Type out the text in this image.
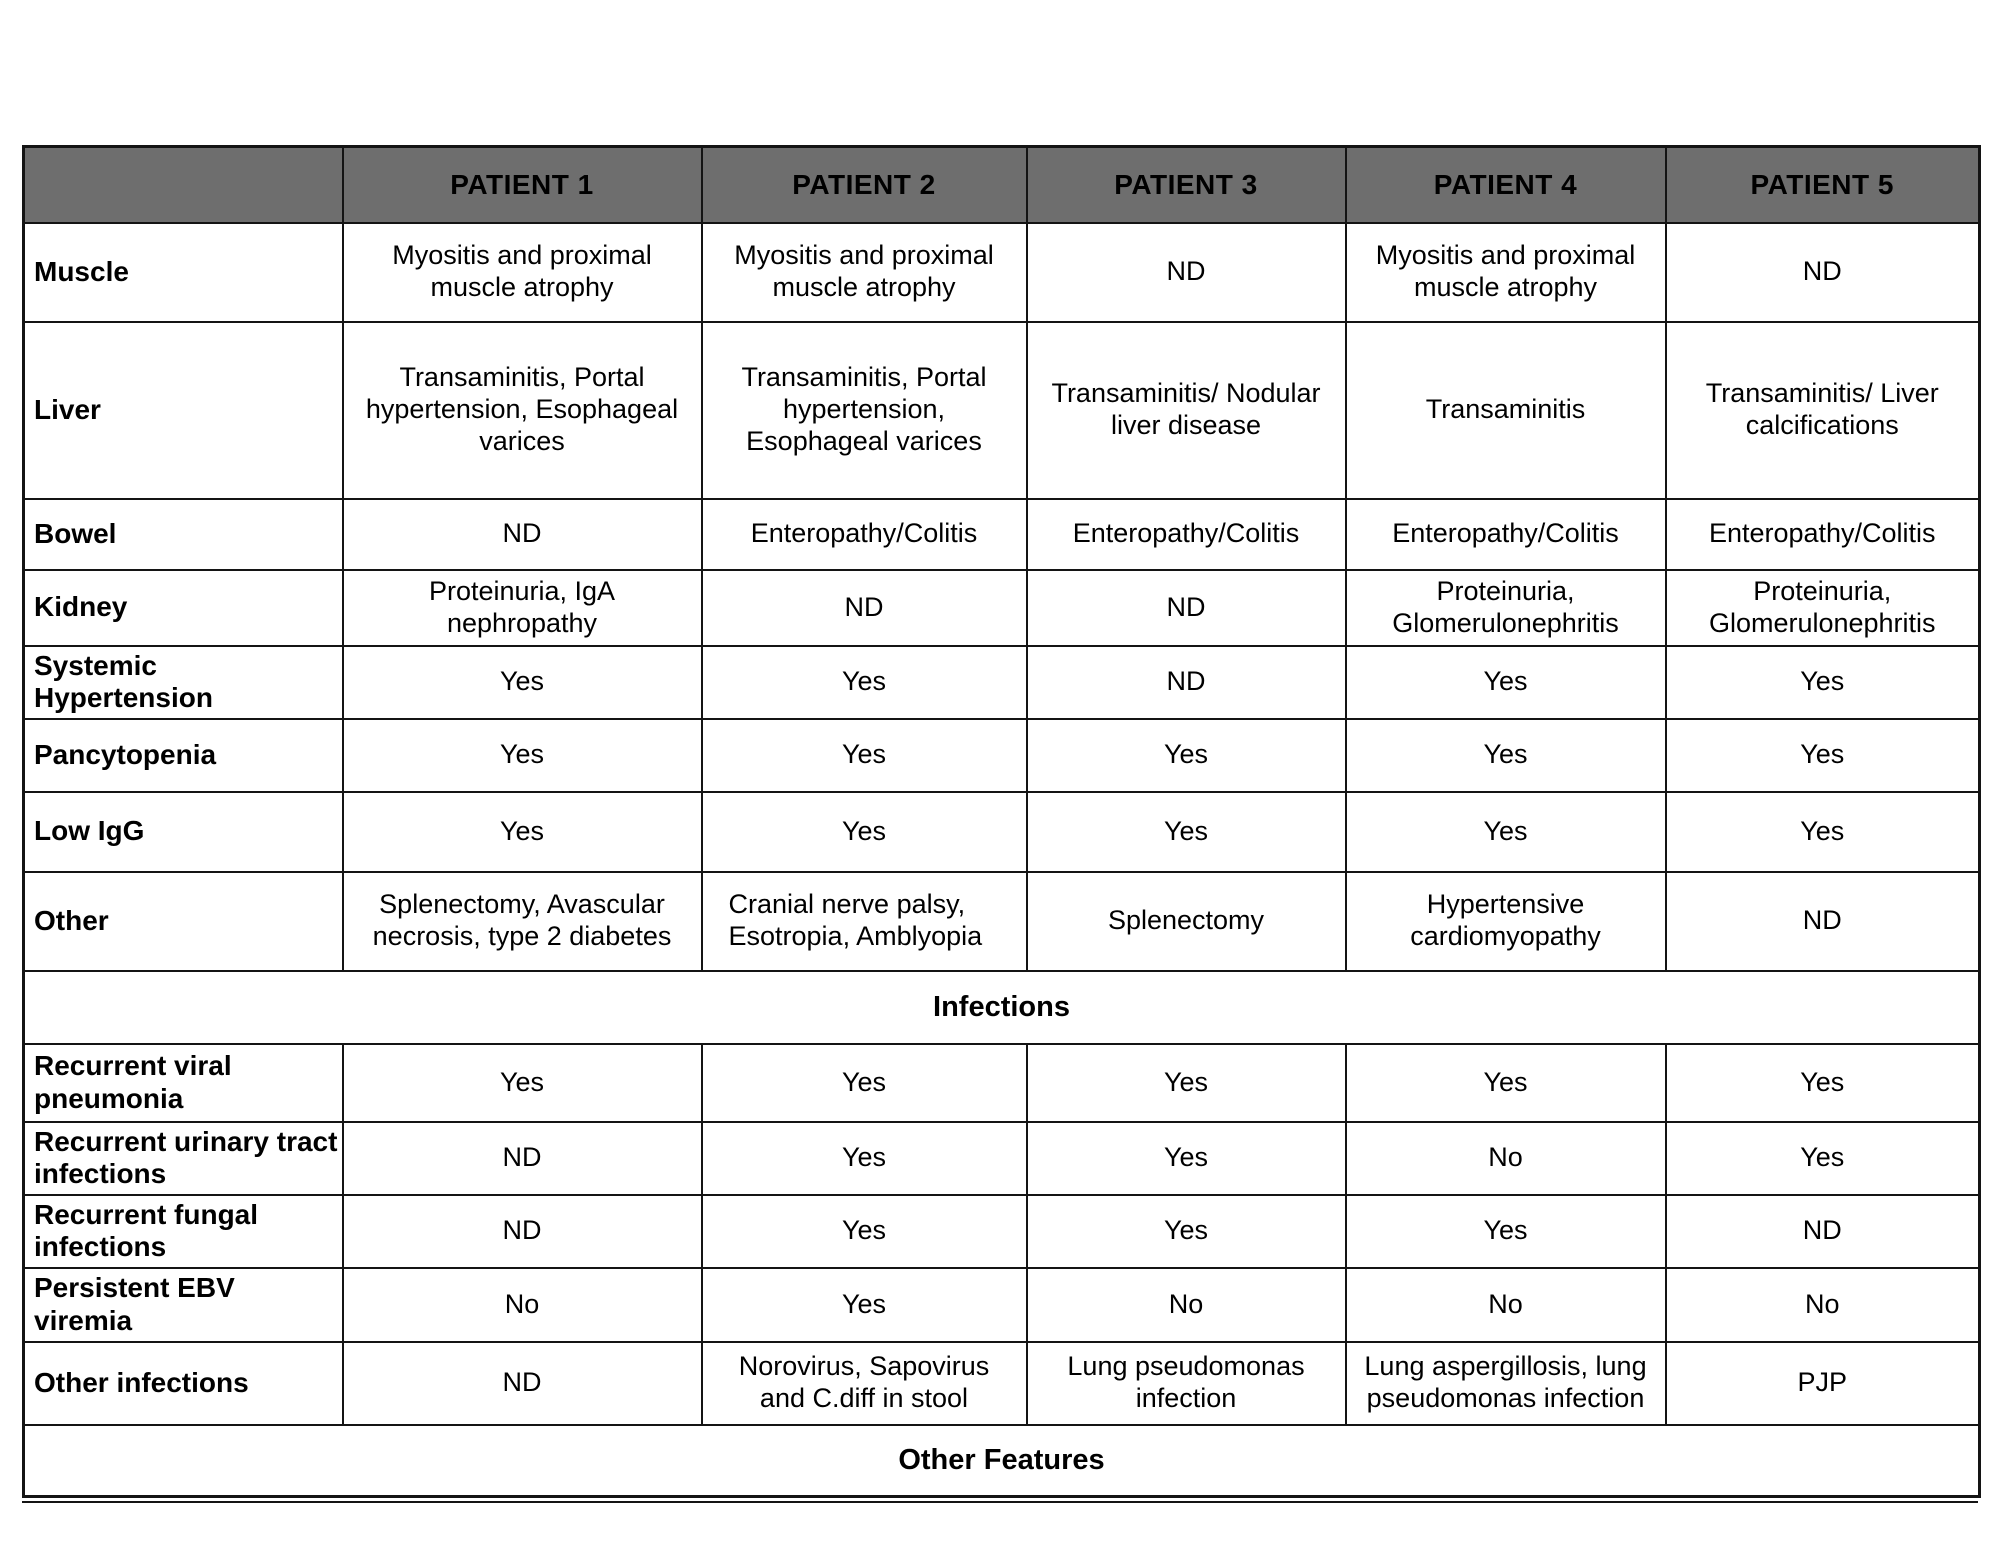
	PATIENT 1	PATIENT 2	PATIENT 3	PATIENT 4	PATIENT 5
Muscle	Myositis and proximal muscle atrophy	Myositis and proximal muscle atrophy	ND	Myositis and proximal muscle atrophy	ND
Liver	Transaminitis, Portal hypertension, Esophageal varices	Transaminitis, Portal hypertension, Esophageal varices	Transaminitis/ Nodular liver disease	Transaminitis	Transaminitis/ Liver calcifications
Bowel	ND	Enteropathy/Colitis	Enteropathy/Colitis	Enteropathy/Colitis	Enteropathy/Colitis
Kidney	Proteinuria, IgA nephropathy	ND	ND	Proteinuria, Glomerulonephritis	Proteinuria, Glomerulonephritis
Systemic Hypertension	Yes	Yes	ND	Yes	Yes
Pancytopenia	Yes	Yes	Yes	Yes	Yes
Low IgG	Yes	Yes	Yes	Yes	Yes
Other	Splenectomy, Avascular necrosis, type 2 diabetes	Cranial nerve palsy, Esotropia, Amblyopia	Splenectomy	Hypertensive cardiomyopathy	ND
Infections					
Recurrent viral pneumonia	Yes	Yes	Yes	Yes	Yes
Recurrent urinary tract infections	ND	Yes	Yes	No	Yes
Recurrent fungal infections	ND	Yes	Yes	Yes	ND
Persistent EBV viremia	No	Yes	No	No	No
Other infections	ND	Norovirus, Sapovirus and C.diff in stool	Lung pseudomonas infection	Lung aspergillosis, lung pseudomonas infection	PJP
Other Features					
